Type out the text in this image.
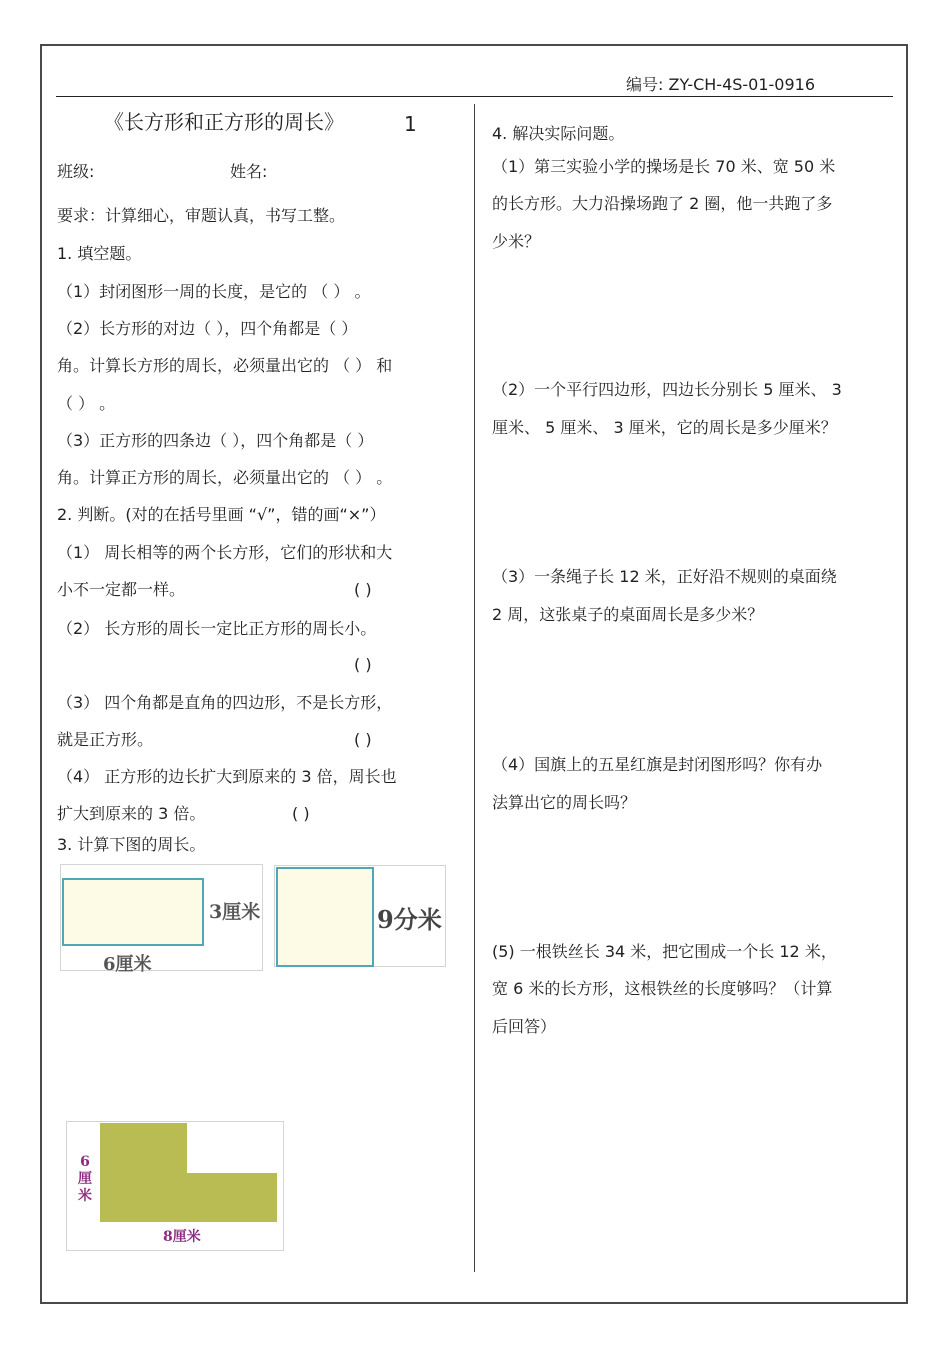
编号: ZY-CH-4S-01-0916
《长方形和正方形的周长》	1
班级:	姓名:
要求：计算细心，审题认真，书写工整。
1. 填空题。
（1）封闭图形一周的长度，是它的 （ ） 。
（2）长方形的对边（ ），四个角都是（ ）
角。计算长方形的周长，必须量出它的 （ ） 和
（ ） 。
（3）正方形的四条边（ ），四个角都是（ ）
角。计算正方形的周长，必须量出它的 （ ） 。
2. 判断。(对的在括号里画 “√”，错的画“×”）
（1） 周长相等的两个长方形，它们的形状和大
小不一定都一样。	( )
（2） 长方形的周长一定比正方形的周长小。
( )
（3） 四个角都是直角的四边形，不是长方形，
就是正方形。	( )
（4） 正方形的边长扩大到原来的 3 倍，周长也
扩大到原来的 3 倍。	( )
3. 计算下图的周长。
3厘米
6厘米
9分米
6厘米
8厘米
4. 解决实际问题。
（1）第三实验小学的操场是长 70 米、宽 50 米
的长方形。大力沿操场跑了 2 圈，他一共跑了多
少米？
（2）一个平行四边形，四边长分别长 5 厘米、 3
厘米、 5 厘米、 3 厘米，它的周长是多少厘米？
（3）一条绳子长 12 米，正好沿不规则的桌面绕
2 周，这张桌子的桌面周长是多少米？
（4）国旗上的五星红旗是封闭图形吗？你有办
法算出它的周长吗？
(5) 一根铁丝长 34 米，把它围成一个长 12 米，
宽 6 米的长方形，这根铁丝的长度够吗？（计算
后回答）
